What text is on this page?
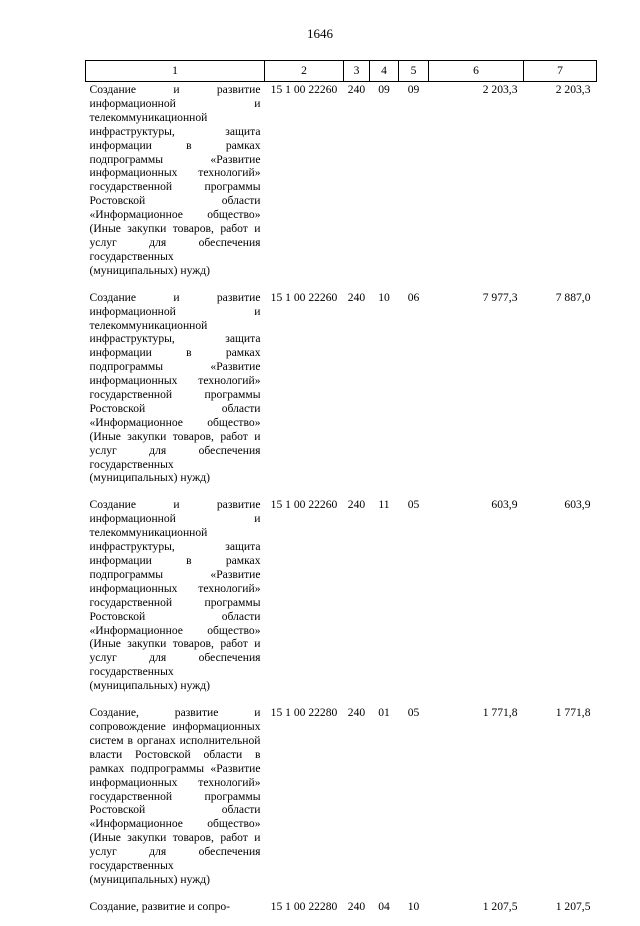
1646
1	2	3	4	5	6	7
Создание и развитие информационной и телекоммуникационной инфраструктуры, защита информации в рамках подпрограммы «Развитие информационных технологий» государственной программы Ростовской области «Информационное общество» (Иные закупки товаров, работ и услуг для обеспечения государственных (муниципальных) нужд)	15 1 00 22260	240	09	09	2 203,3	2 203,3
Создание и развитие информационной и телекоммуникационной инфраструктуры, защита информации в рамках подпрограммы «Развитие информационных технологий» государственной программы Ростовской области «Информационное общество» (Иные закупки товаров, работ и услуг для обеспечения государственных (муниципальных) нужд)	15 1 00 22260	240	10	06	7 977,3	7 887,0
Создание и развитие информационной и телекоммуникационной инфраструктуры, защита информации в рамках подпрограммы «Развитие информационных технологий» государственной программы Ростовской области «Информационное общество» (Иные закупки товаров, работ и услуг для обеспечения государственных (муниципальных) нужд)	15 1 00 22260	240	11	05	603,9	603,9
Создание, развитие и сопровождение информационных систем в органах исполнительной власти Ростовской области в рамках подпрограммы «Развитие информационных технологий» государственной программы Ростовской области «Информационное общество» (Иные закупки товаров, работ и услуг для обеспечения государственных (муниципальных) нужд)	15 1 00 22280	240	01	05	1 771,8	1 771,8
Создание, развитие и сопро-	15 1 00 22280	240	04	10	1 207,5	1 207,5
